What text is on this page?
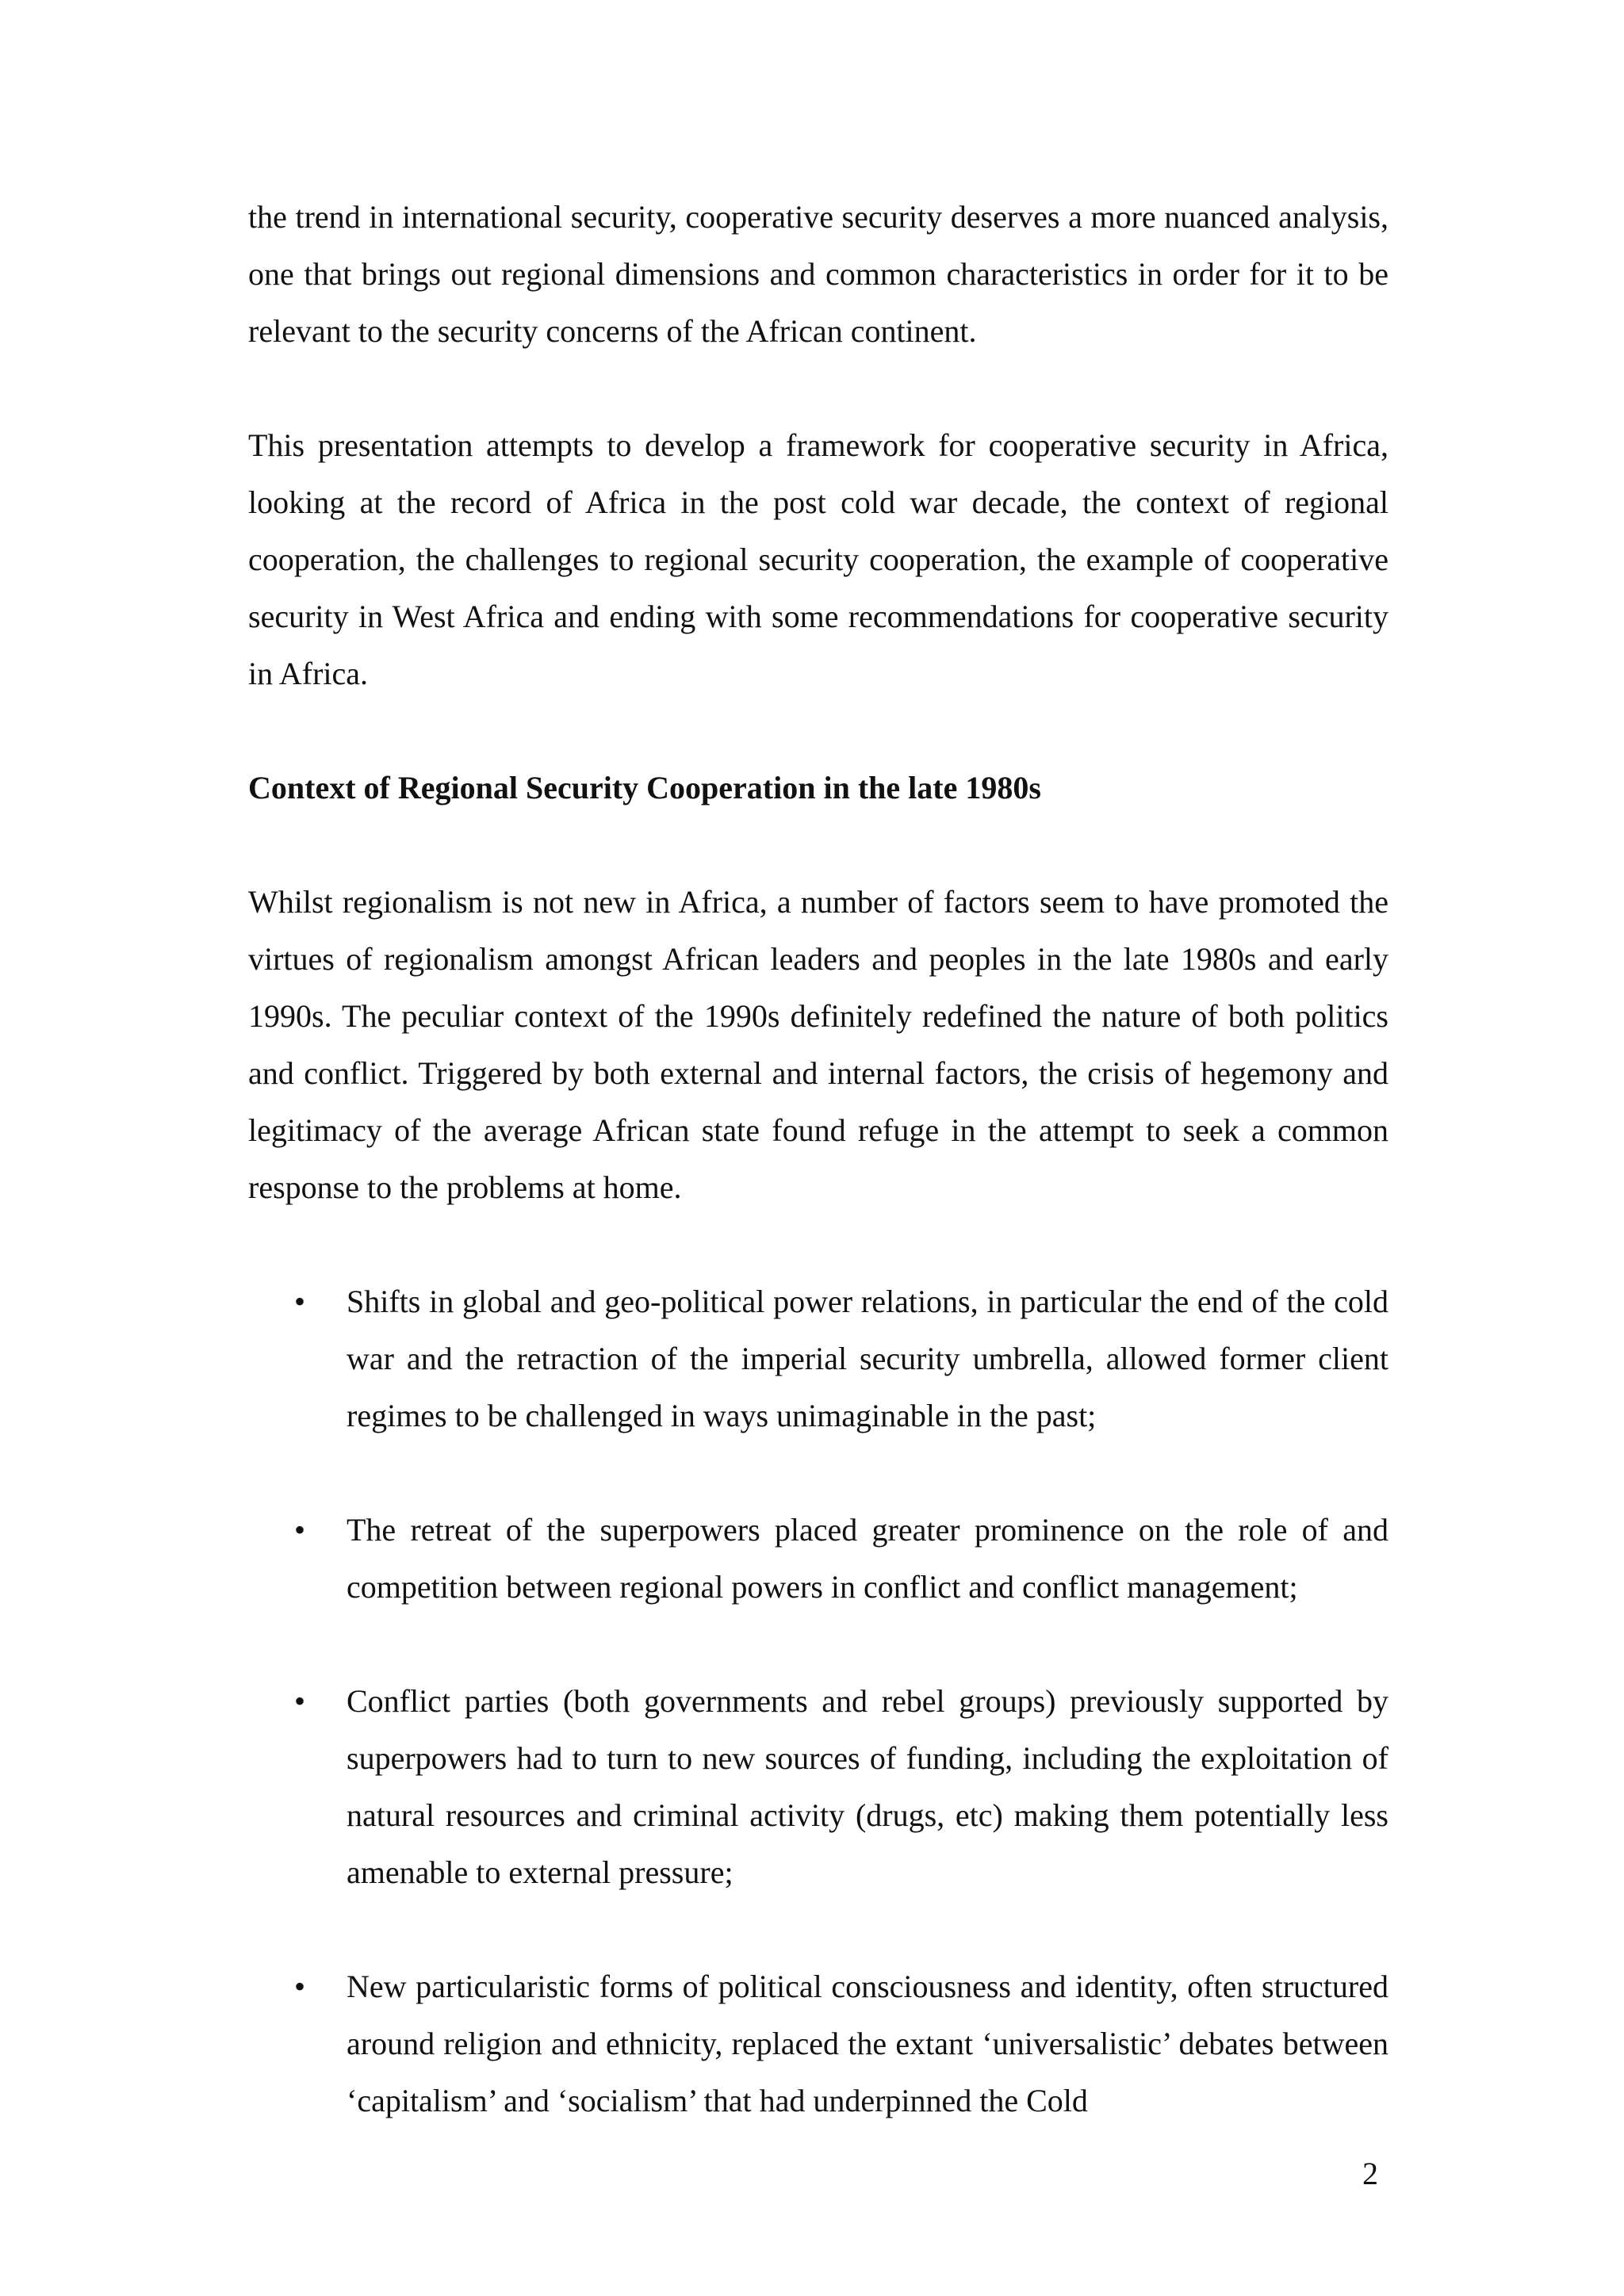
the trend in international security, cooperative security deserves a more nuanced analysis, one that brings out regional dimensions and common characteristics in order for it to be relevant to the security concerns of the African continent.

This presentation attempts to develop a framework for cooperative security in Africa, looking at the record of Africa in the post cold war decade, the context of regional cooperation, the challenges to regional security cooperation, the example of cooperative security in West Africa and ending with some recommendations for cooperative security in Africa.

Context of Regional Security Cooperation in the late 1980s

Whilst regionalism is not new in Africa, a number of factors seem to have promoted the virtues of regionalism amongst African leaders and peoples in the late 1980s and early 1990s. The peculiar context of the 1990s definitely redefined the nature of both politics and conflict. Triggered by both external and internal factors, the crisis of hegemony and legitimacy of the average African state found refuge in the attempt to seek a common response to the problems at home.

•	Shifts in global and geo-political power relations, in particular the end of the cold war and the retraction of the imperial security umbrella, allowed former client regimes to be challenged in ways unimaginable in the past;
•	The retreat of the superpowers placed greater prominence on the role of and competition between regional powers in conflict and conflict management;
•	Conflict parties (both governments and rebel groups) previously supported by superpowers had to turn to new sources of funding, including the exploitation of natural resources and criminal activity (drugs, etc) making them potentially less amenable to external pressure;
•	New particularistic forms of political consciousness and identity, often structured around religion and ethnicity, replaced the extant ‘universalistic’ debates between ‘capitalism’ and ‘socialism’ that had underpinned the Cold
2
